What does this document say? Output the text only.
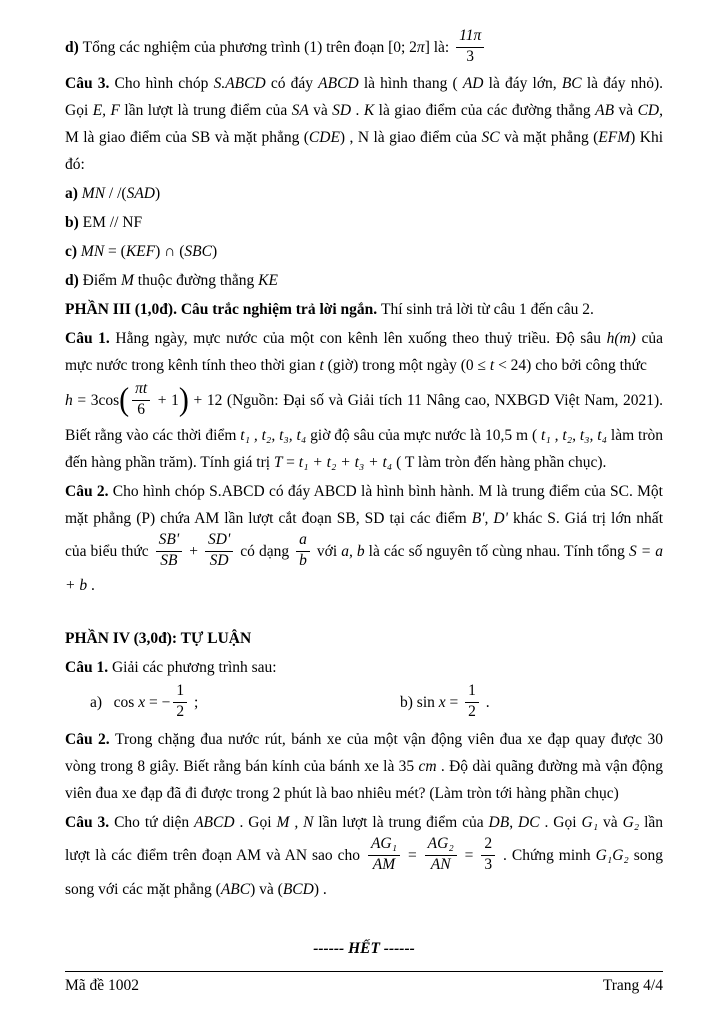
d) Tổng các nghiệm của phương trình (1) trên đoạn [0; 2π] là: $\frac{11\pi}{3}$
Câu 3. Cho hình chóp S.ABCD có đáy ABCD là hình thang ( AD là đáy lớn, BC là đáy nhỏ). Gọi E, F lần lượt là trung điểm của SA và SD . K là giao điểm của các đường thẳng AB và CD, M là giao điểm của SB và mặt phẳng (CDE) , N là giao điểm của SC và mặt phẳng (EFM) Khi đó:
a) MN / /(SAD)
b) EM // NF
c) MN = (KEF) ∩ (SBC)
d) Điểm M thuộc đường thẳng KE
PHẦN III (1,0đ). Câu trắc nghiệm trả lời ngắn. Thí sinh trả lời từ câu 1 đến câu 2.
Câu 1. Hằng ngày, mực nước của một con kênh lên xuống theo thuỷ triều. Độ sâu h(m) của mực nước trong kênh tính theo thời gian t (giờ) trong một ngày (0 ≤ t < 24) cho bởi công thức
$h = 3\cos( \frac{\pi t}{6} + 1) + 12$ (Nguồn: Đại số và Giải tích 11 Nâng cao, NXBGD Việt Nam, 2021). Biết rằng vào các thời điểm t₁ , t₂, t₃, t₄ giờ độ sâu của mực nước là 10,5 m ( t₁ , t₂, t₃, t₄ làm tròn đến hàng phần trăm). Tính giá trị T = t₁ + t₂ + t₃ + t₄ ( T làm tròn đến hàng phần chục).
Câu 2. Cho hình chóp S.ABCD có đáy ABCD là hình bình hành. M là trung điểm của SC. Một mặt phẳng (P) chứa AM lần lượt cắt đoạn SB, SD tại các điểm B', D' khác S. Giá trị lớn nhất của biểu thức $\frac{SB'}{SB} + \frac{SD'}{SD}$ có dạng $\frac{a}{b}$ với a, b là các số nguyên tố cùng nhau. Tính tổng S = a + b .
PHẦN IV (3,0đ): TỰ LUẬN
Câu 1. Giải các phương trình sau:
a)   cos x = − $\frac{1}{2}$ ;	b) $\sin x = \frac{1}{2}$ .
Câu 2. Trong chặng đua nước rút, bánh xe của một vận động viên đua xe đạp quay được 30 vòng trong 8 giây. Biết rằng bán kính của bánh xe là 35 cm . Độ dài quãng đường mà vận động viên đua xe đạp đã đi được trong 2 phút là bao nhiêu mét? (Làm tròn tới hàng phần chục)
Câu 3. Cho tứ diện ABCD . Gọi M , N lần lượt là trung điểm của DB, DC . Gọi G₁ và G₂ lần lượt là các điểm trên đoạn AM và AN sao cho $\frac{\text{AG₁}}{AM} = \frac{\text{AG₂}}{AN} = \frac{2}{3}$ . Chứng minh G₁G₂ song song với các mặt phẳng (ABC) và (BCD) .
------ HẾT ------
Mã đề 1002	Trang 4/4
